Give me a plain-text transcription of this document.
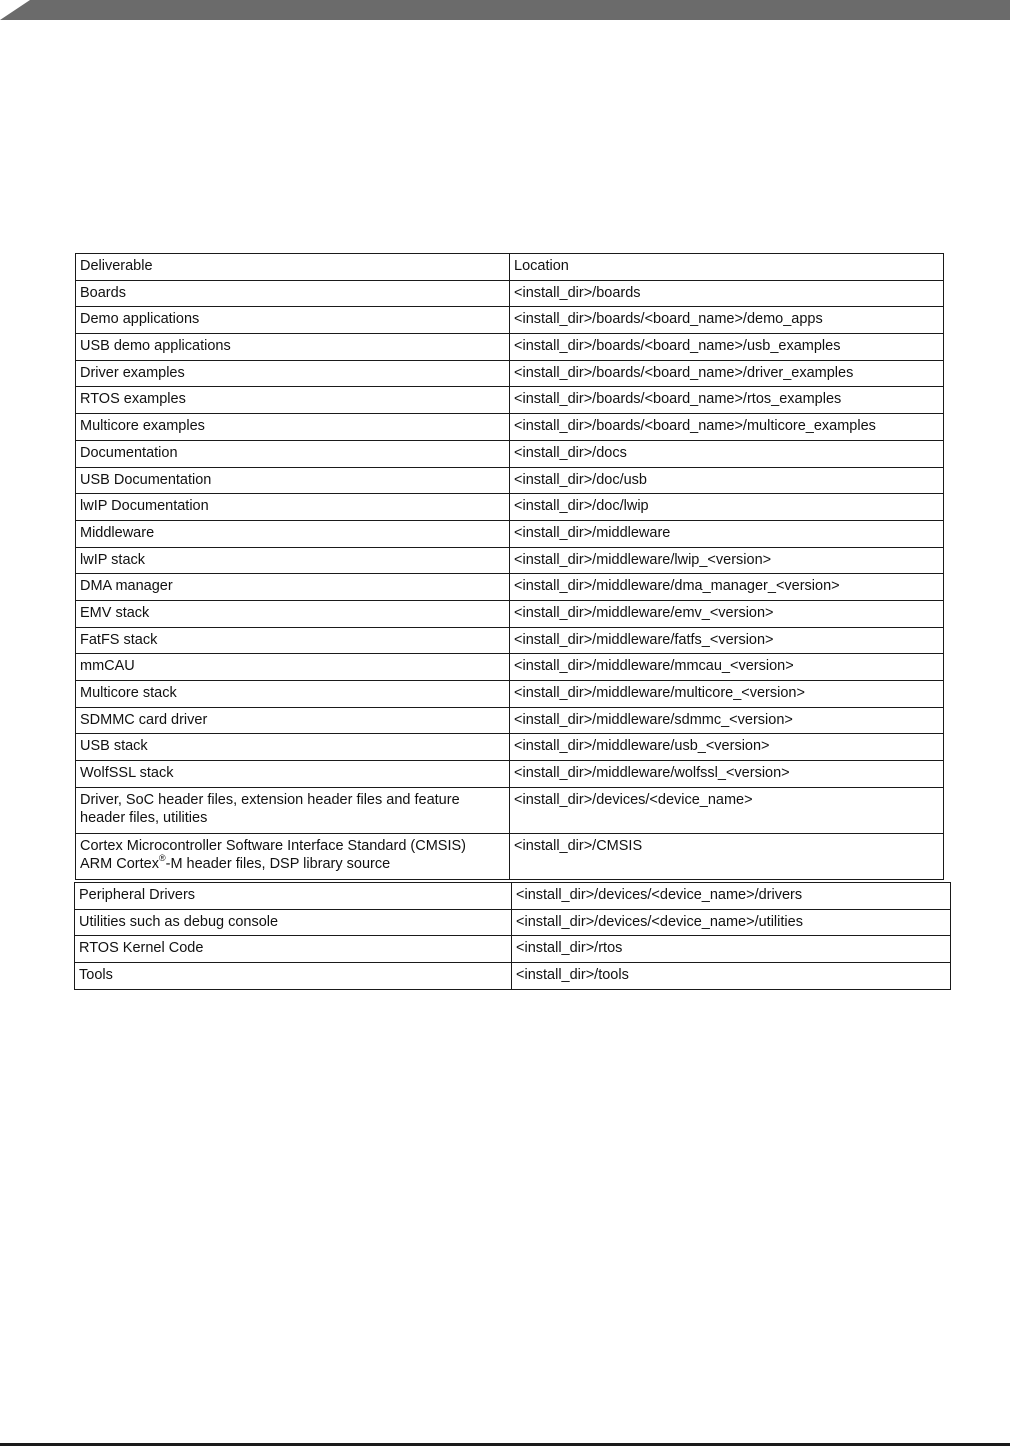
Deliverable	Location
Boards	<install_dir>/boards
Demo applications	<install_dir>/boards/<board_name>/demo_apps
USB demo applications	<install_dir>/boards/<board_name>/usb_examples
Driver examples	<install_dir>/boards/<board_name>/driver_examples
RTOS examples	<install_dir>/boards/<board_name>/rtos_examples
Multicore examples	<install_dir>/boards/<board_name>/multicore_examples
Documentation	<install_dir>/docs
USB Documentation	<install_dir>/doc/usb
lwIP Documentation	<install_dir>/doc/lwip
Middleware	<install_dir>/middleware
lwIP stack	<install_dir>/middleware/lwip_<version>
DMA manager	<install_dir>/middleware/dma_manager_<version>
EMV stack	<install_dir>/middleware/emv_<version>
FatFS stack	<install_dir>/middleware/fatfs_<version>
mmCAU	<install_dir>/middleware/mmcau_<version>
Multicore stack	<install_dir>/middleware/multicore_<version>
SDMMC card driver	<install_dir>/middleware/sdmmc_<version>
USB stack	<install_dir>/middleware/usb_<version>
WolfSSL stack	<install_dir>/middleware/wolfssl_<version>
Driver, SoC header files, extension header files and feature header files, utilities	<install_dir>/devices/<device_name>

Cortex Microcontroller Software Interface Standard (CMSIS)
ARM Cortex®-M header files, DSP library source	<install_dir>/CMSIS
Peripheral Drivers	<install_dir>/devices/<device_name>/drivers
Utilities such as debug console	<install_dir>/devices/<device_name>/utilities
RTOS Kernel Code	<install_dir>/rtos
Tools	<install_dir>/tools
